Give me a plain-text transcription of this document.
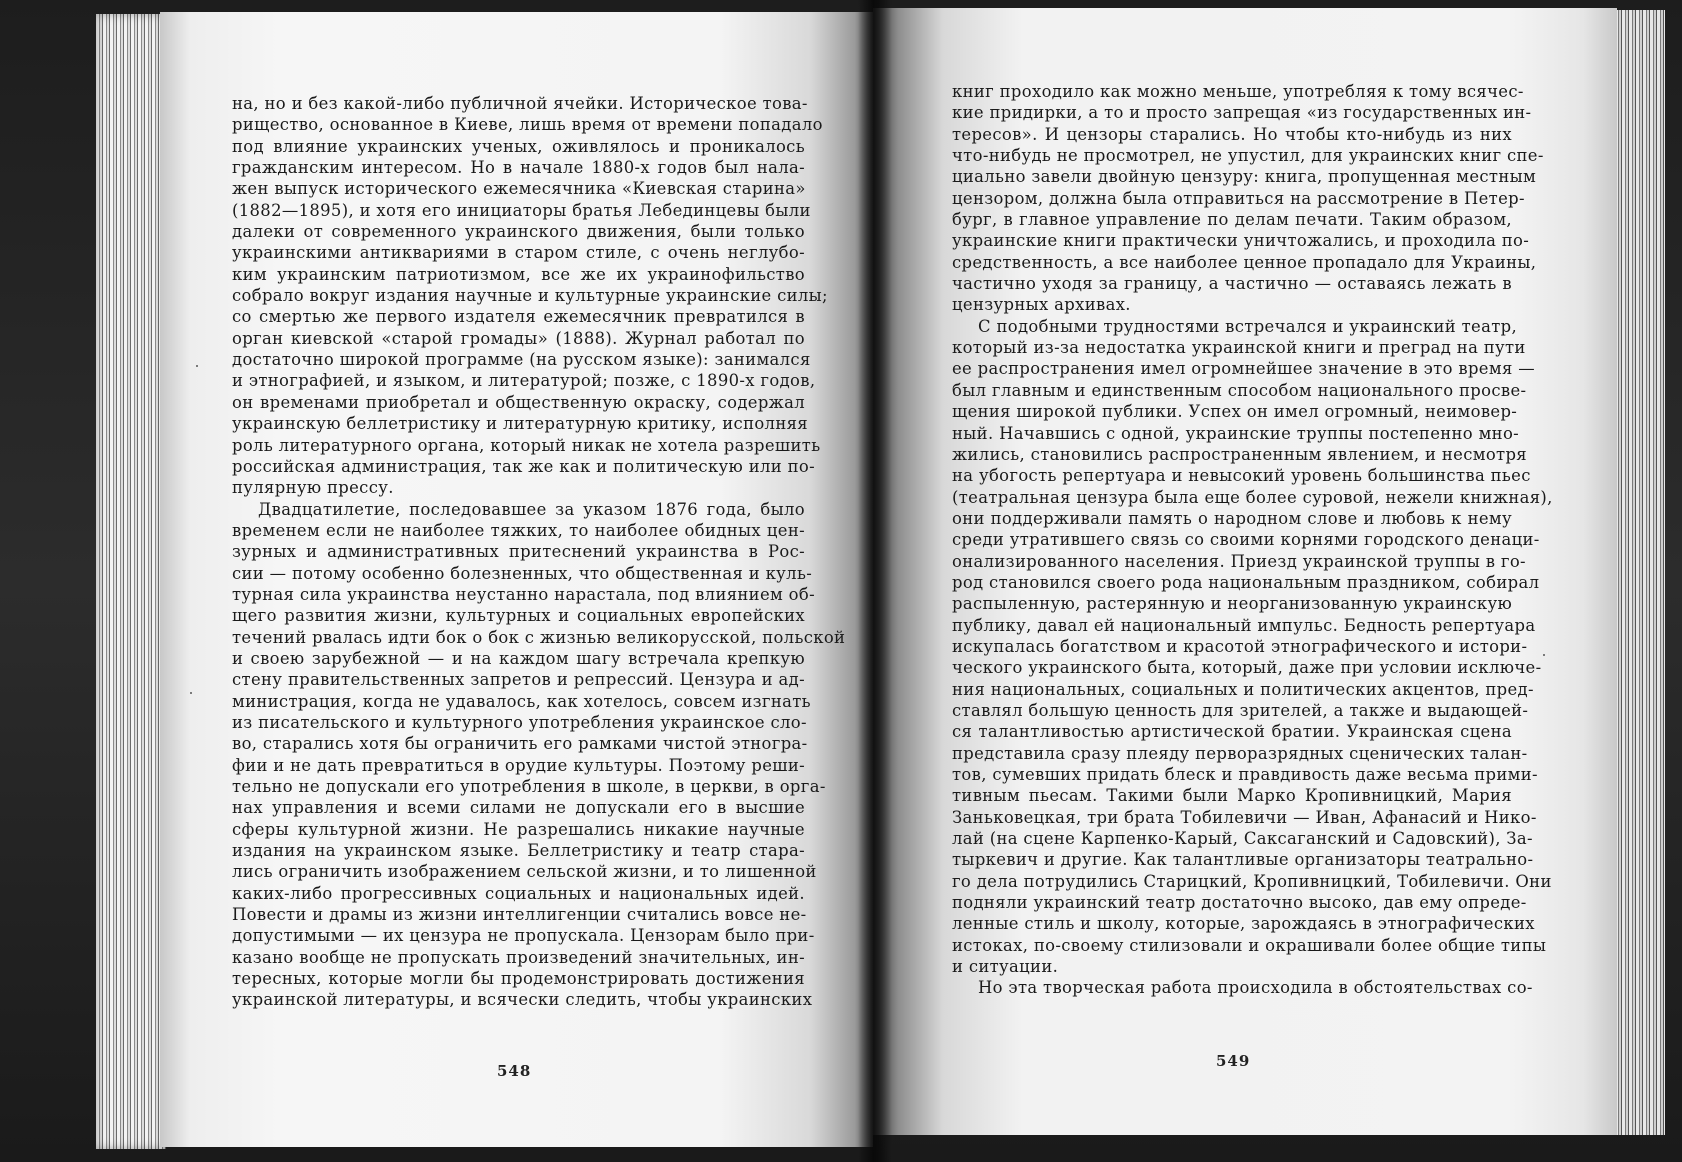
на, но и без какой-либо публичной ячейки. Историческое това-
рищество, основанное в Киеве, лишь время от времени попадало
под влияние украинских ученых, оживлялось и проникалось
гражданским интересом. Но в начале 1880-х годов был нала-
жен выпуск исторического ежемесячника «Киевская старина»
(1882—1895), и хотя его инициаторы братья Лебединцевы были
далеки от современного украинского движения, были только
украинскими антиквариями в старом стиле, с очень неглубо-
ким украинским патриотизмом, все же их украинофильство
собрало вокруг издания научные и культурные украинские силы;
со смертью же первого издателя ежемесячник превратился в
орган киевской «старой громады» (1888). Журнал работал по
достаточно широкой программе (на русском языке): занимался
и этнографией, и языком, и литературой; позже, с 1890-х годов,
он временами приобретал и общественную окраску, содержал
украинскую беллетристику и литературную критику, исполняя
роль литературного органа, который никак не хотела разрешить
российская администрация, так же как и политическую или по-
пулярную прессу.
Двадцатилетие, последовавшее за указом 1876 года, было
временем если не наиболее тяжких, то наиболее обидных цен-
зурных и административных притеснений украинства в Рос-
сии — потому особенно болезненных, что общественная и куль-
турная сила украинства неустанно нарастала, под влиянием об-
щего развития жизни, культурных и социальных европейских
течений рвалась идти бок о бок с жизнью великорусской, польской
и своею зарубежной — и на каждом шагу встречала крепкую
стену правительственных запретов и репрессий. Цензура и ад-
министрация, когда не удавалось, как хотелось, совсем изгнать
из писательского и культурного употребления украинское сло-
во, старались хотя бы ограничить его рамками чистой этногра-
фии и не дать превратиться в орудие культуры. Поэтому реши-
тельно не допускали его употребления в школе, в церкви, в орга-
нах управления и всеми силами не допускали его в высшие
сферы культурной жизни. Не разрешались никакие научные
издания на украинском языке. Беллетристику и театр стара-
лись ограничить изображением сельской жизни, и то лишенной
каких-либо прогрессивных социальных и национальных идей.
Повести и драмы из жизни интеллигенции считались вовсе не-
допустимыми — их цензура не пропускала. Цензорам было при-
казано вообще не пропускать произведений значительных, ин-
тересных, которые могли бы продемонстрировать достижения
украинской литературы, и всячески следить, чтобы украинских
книг проходило как можно меньше, употребляя к тому всячес-
кие придирки, а то и просто запрещая «из государственных ин-
тересов». И цензоры старались. Но чтобы кто-нибудь из них
что-нибудь не просмотрел, не упустил, для украинских книг спе-
циально завели двойную цензуру: книга, пропущенная местным
цензором, должна была отправиться на рассмотрение в Петер-
бург, в главное управление по делам печати. Таким образом,
украинские книги практически уничтожались, и проходила по-
средственность, а все наиболее ценное пропадало для Украины,
частично уходя за границу, а частично — оставаясь лежать в
цензурных архивах.
С подобными трудностями встречался и украинский театр,
который из-за недостатка украинской книги и преград на пути
ее распространения имел огромнейшее значение в это время —
был главным и единственным способом национального просве-
щения широкой публики. Успех он имел огромный, неимовер-
ный. Начавшись с одной, украинские труппы постепенно мно-
жились, становились распространенным явлением, и несмотря
на убогость репертуара и невысокий уровень большинства пьес
(театральная цензура была еще более суровой, нежели книжная),
они поддерживали память о народном слове и любовь к нему
среди утратившего связь со своими корнями городского денаци-
онализированного населения. Приезд украинской труппы в го-
род становился своего рода национальным праздником, собирал
распыленную, растерянную и неорганизованную украинскую
публику, давал ей национальный импульс. Бедность репертуара
искупалась богатством и красотой этнографического и истори-
ческого украинского быта, который, даже при условии исключе-
ния национальных, социальных и политических акцентов, пред-
ставлял большую ценность для зрителей, а также и выдающей-
ся талантливостью артистической братии. Украинская сцена
представила сразу плеяду перворазрядных сценических талан-
тов, сумевших придать блеск и правдивость даже весьма прими-
тивным пьесам. Такими были Марко Кропивницкий, Мария
Заньковецкая, три брата Тобилевичи — Иван, Афанасий и Нико-
лай (на сцене Карпенко-Карый, Саксаганский и Садовский), За-
тыркевич и другие. Как талантливые организаторы театрально-
го дела потрудились Старицкий, Кропивницкий, Тобилевичи. Они
подняли украинский театр достаточно высоко, дав ему опреде-
ленные стиль и школу, которые, зарождаясь в этнографических
истоках, по-своему стилизовали и окрашивали более общие типы
и ситуации.
Но эта творческая работа происходила в обстоятельствах со-
548
549
